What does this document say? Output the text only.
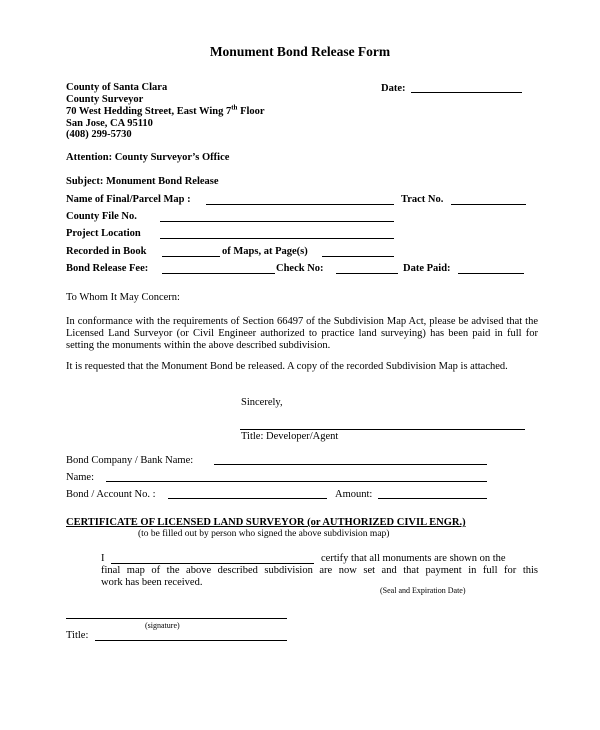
Monument Bond Release Form
County of Santa Clara
County Surveyor
70 West Hedding Street, East Wing 7th Floor
San Jose, CA 95110
(408) 299-5730
Date:
Attention: County Surveyor’s Office
Subject: Monument Bond Release
Name of Final/Parcel Map :	Tract No.
County File No.
Project Location
Recorded in Book	of Maps, at Page(s)
Bond Release Fee:	Check No:	Date Paid:
To Whom It May Concern:
In conformance with the requirements of Section 66497 of the Subdivision Map Act, please be advised that the Licensed Land Surveyor (or Civil Engineer authorized to practice land surveying) has been paid in full for setting the monuments within the above described subdivision.
It is requested that the Monument Bond be released. A copy of the recorded Subdivision Map is attached.
Sincerely,
Title: Developer/Agent
Bond Company / Bank Name:
Name:
Bond / Account No. :	Amount:
CERTIFICATE OF LICENSED LAND SURVEYOR (or AUTHORIZED CIVIL ENGR.)
(to be filled out by person who signed the above subdivision map)
I	certify that all monuments are shown on the
final map of the above described subdivision are now set and that payment in full for this
work has been received.
(Seal and Expiration Date)
(signature)
Title:
